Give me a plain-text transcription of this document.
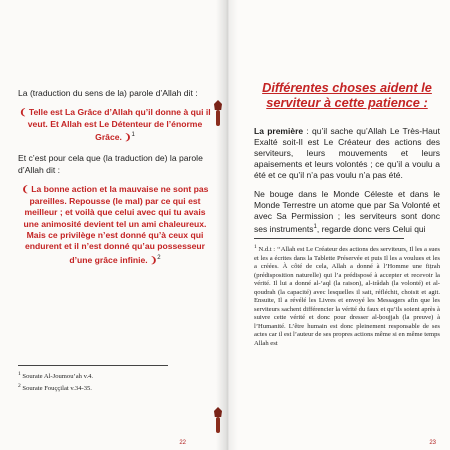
La (traduction du sens de la) parole d’Allah dit :

❨ Telle est La Grâce d’Allah qu’il donne à qui il veut. Et Allah est Le Détenteur de l’énorme Grâce. ❩$^1$

Et c’est pour cela que (la traduction de) la parole d’Allah dit :

❨ La bonne action et la mauvaise ne sont pas pareilles. Repousse (le mal) par ce qui est meilleur ; et voilà que celui avec qui tu avais une animosité devient tel un ami chaleureux. Mais ce privilège n’est donné qu’à ceux qui endurent et il n’est donné qu’au possesseur d’une grâce infinie. ❩$^2$

$^1$ Sourate Al-Joumou’ah v.4.

$^2$ Sourate Fouççilat v.34-35.

22

Différentes choses aident le serviteur à cette patience :

La première : qu’il sache qu’Allah Le Très-Haut Exalté soit-Il est Le Créateur des actions des serviteurs, leurs mouvements et leurs apaisements et leurs volontés ; ce qu’il a voulu a été et ce qu’il n’a pas voulu n’a pas été.

Ne bouge dans le Monde Céleste et dans le Monde Terrestre un atome que par Sa Volonté et avec Sa Permission ; les serviteurs sont donc ses instruments$^1$, regarde donc vers Celui qui

$^1$ N.d.t : ‘‘Allah est Le Créateur des actions des serviteurs, Il les a sues et les a écrites dans la Tablette Préservée et puis Il les a voulues et les a créées. À côté de cela, Allah a donné à l’Homme une fiṭrah (prédisposition naturelle) qui l’a prédisposé à accepter et recevoir la vérité. Il lui a donné al-‘aql (la raison), al-irâdah (la volonté) et al-qoudrah (la capacité) avec lesquelles il sait, réfléchit, choisit et agit. Ensuite, Il a révélé les Livres et envoyé les Messagers afin que les serviteurs sachent différencier la vérité du faux et qu’ils soient après à suivre cette vérité et donc pour dresser al-ḥoujjah (la preuve) à l’Humanité. L’être humain est donc pleinement responsable de ses actes car il est l’auteur de ses propres actions même si en même temps Allah est

23
